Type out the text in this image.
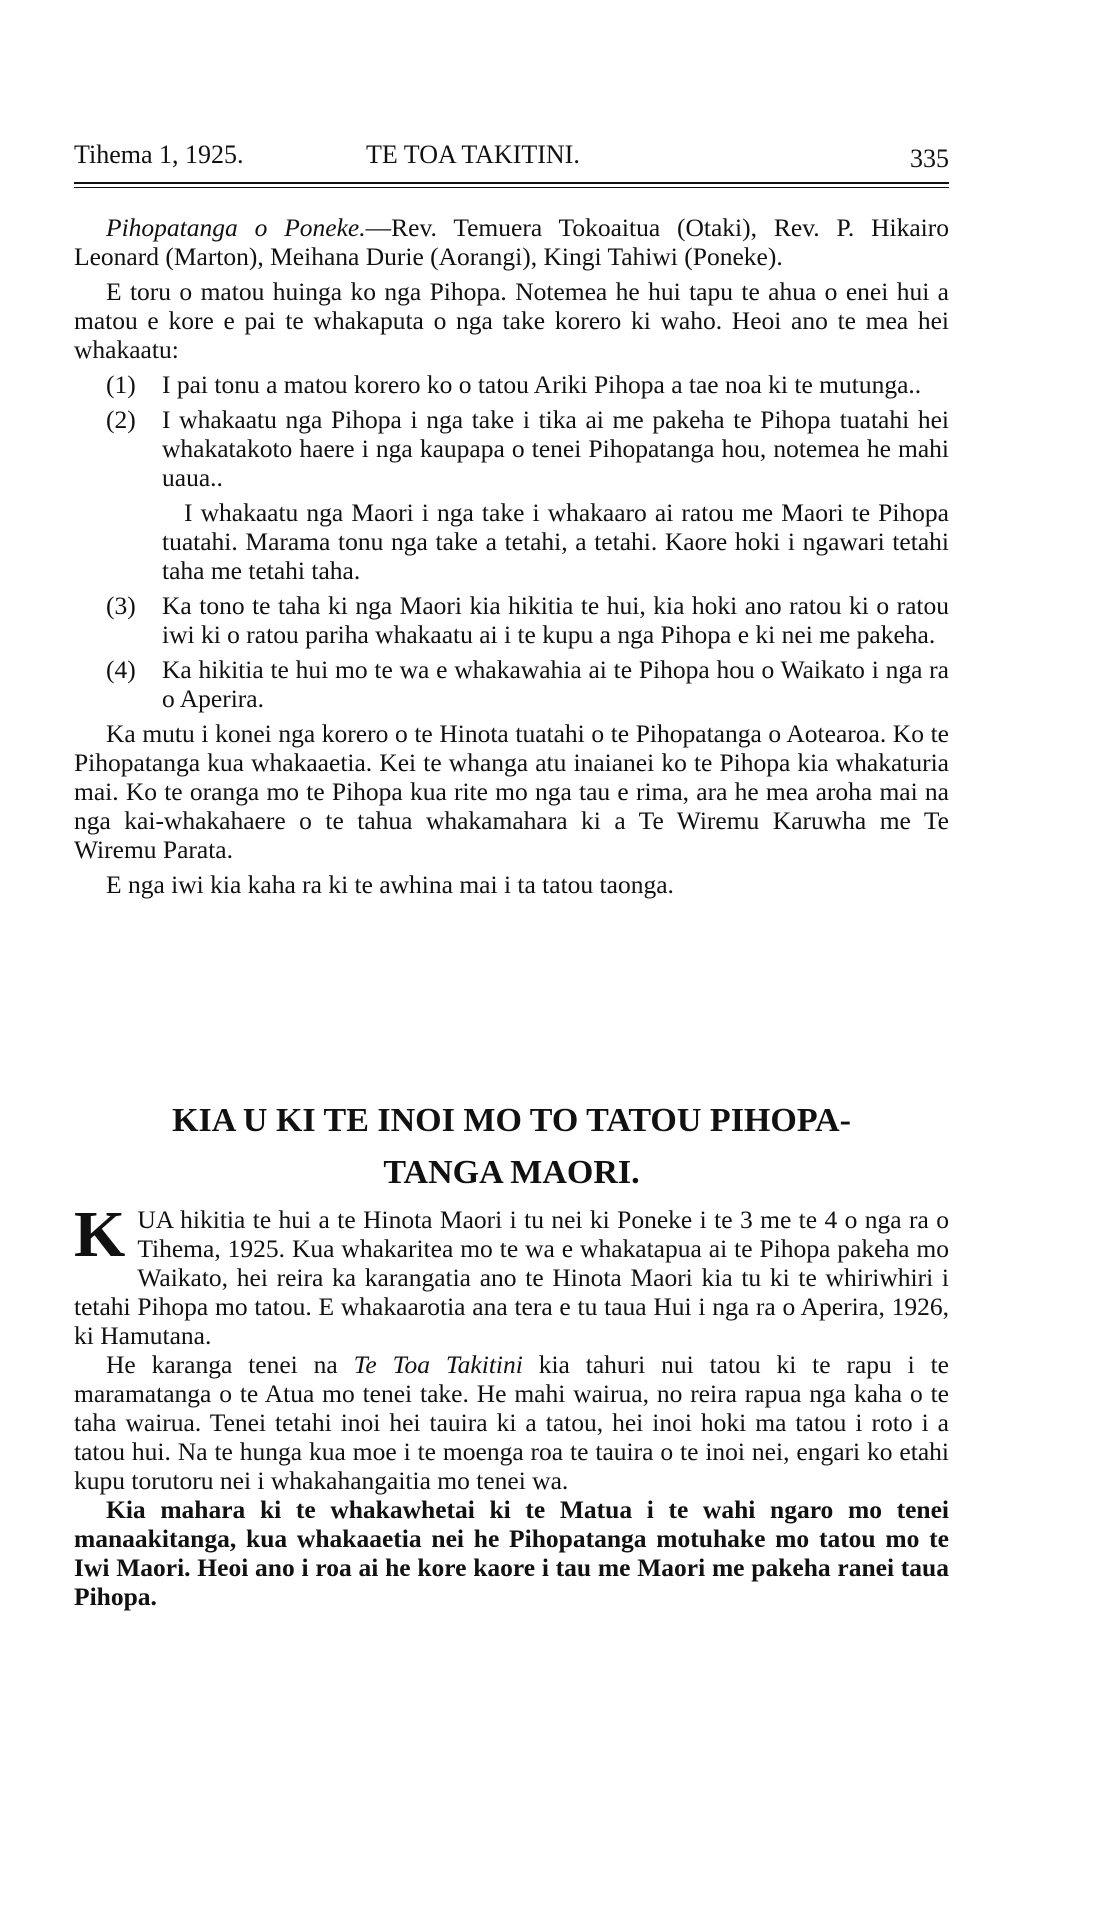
Tihema 1, 1925.	TE TOA TAKITINI.	335

Pihopatanga o Poneke.—Rev. Temuera Tokoaitua (Otaki), Rev. P. Hikairo Leonard (Marton), Meihana Durie (Aorangi), Kingi Tahiwi (Poneke).

E toru o matou huinga ko nga Pihopa. Notemea he hui tapu te ahua o enei hui a matou e kore e pai te whakaputa o nga take korero ki waho. Heoi ano te mea hei whakaatu:

(1) I pai tonu a matou korero ko o tatou Ariki Pihopa a tae noa ki te mutunga..

(2) I whakaatu nga Pihopa i nga take i tika ai me pakeha te Pihopa tuatahi hei whakatakoto haere i nga kaupapa o tenei Pihopatanga hou, notemea he mahi uaua..

I whakaatu nga Maori i nga take i whakaaro ai ratou me Maori te Pihopa tuatahi. Marama tonu nga take a tetahi, a tetahi. Kaore hoki i ngawari tetahi taha me tetahi taha.

(3) Ka tono te taha ki nga Maori kia hikitia te hui, kia hoki ano ratou ki o ratou iwi ki o ratou pariha whakaatu ai i te kupu a nga Pihopa e ki nei me pakeha.

(4) Ka hikitia te hui mo te wa e whakawahia ai te Pihopa hou o Waikato i nga ra o Aperira.

Ka mutu i konei nga korero o te Hinota tuatahi o te Pihopatanga o Aotearoa. Ko te Pihopatanga kua whakaaetia. Kei te whanga atu inaianei ko te Pihopa kia whakaturia mai. Ko te oranga mo te Pihopa kua rite mo nga tau e rima, ara he mea aroha mai na nga kai-whakahaere o te tahua whakamahara ki a Te Wiremu Karuwha me Te Wiremu Parata.

E nga iwi kia kaha ra ki te awhina mai i ta tatou taonga.

KIA U KI TE INOI MO TO TATOU PIHOPA-
TANGA MAORI.

KUA hikitia te hui a te Hinota Maori i tu nei ki Poneke i te 3 me te 4 o nga ra o Tihema, 1925. Kua whakaritea mo te wa e whakatapua ai te Pihopa pakeha mo Waikato, hei reira ka karangatia ano te Hinota Maori kia tu ki te whiriwhiri i tetahi Pihopa mo tatou. E whakaarotia ana tera e tu taua Hui i nga ra o Aperira, 1926, ki Hamutana.

He karanga tenei na Te Toa Takitini kia tahuri nui tatou ki te rapu i te maramatanga o te Atua mo tenei take. He mahi wairua, no reira rapua nga kaha o te taha wairua. Tenei tetahi inoi hei tauira ki a tatou, hei inoi hoki ma tatou i roto i a tatou hui. Na te hunga kua moe i te moenga roa te tauira o te inoi nei, engari ko etahi kupu torutoru nei i whakahangaitia mo tenei wa.

Kia mahara ki te whakawhetai ki te Matua i te wahi ngaro mo tenei manaakitanga, kua whakaaetia nei he Pihopatanga motuhake mo tatou mo te Iwi Maori. Heoi ano i roa ai he kore kaore i tau me Maori me pakeha ranei taua Pihopa.
